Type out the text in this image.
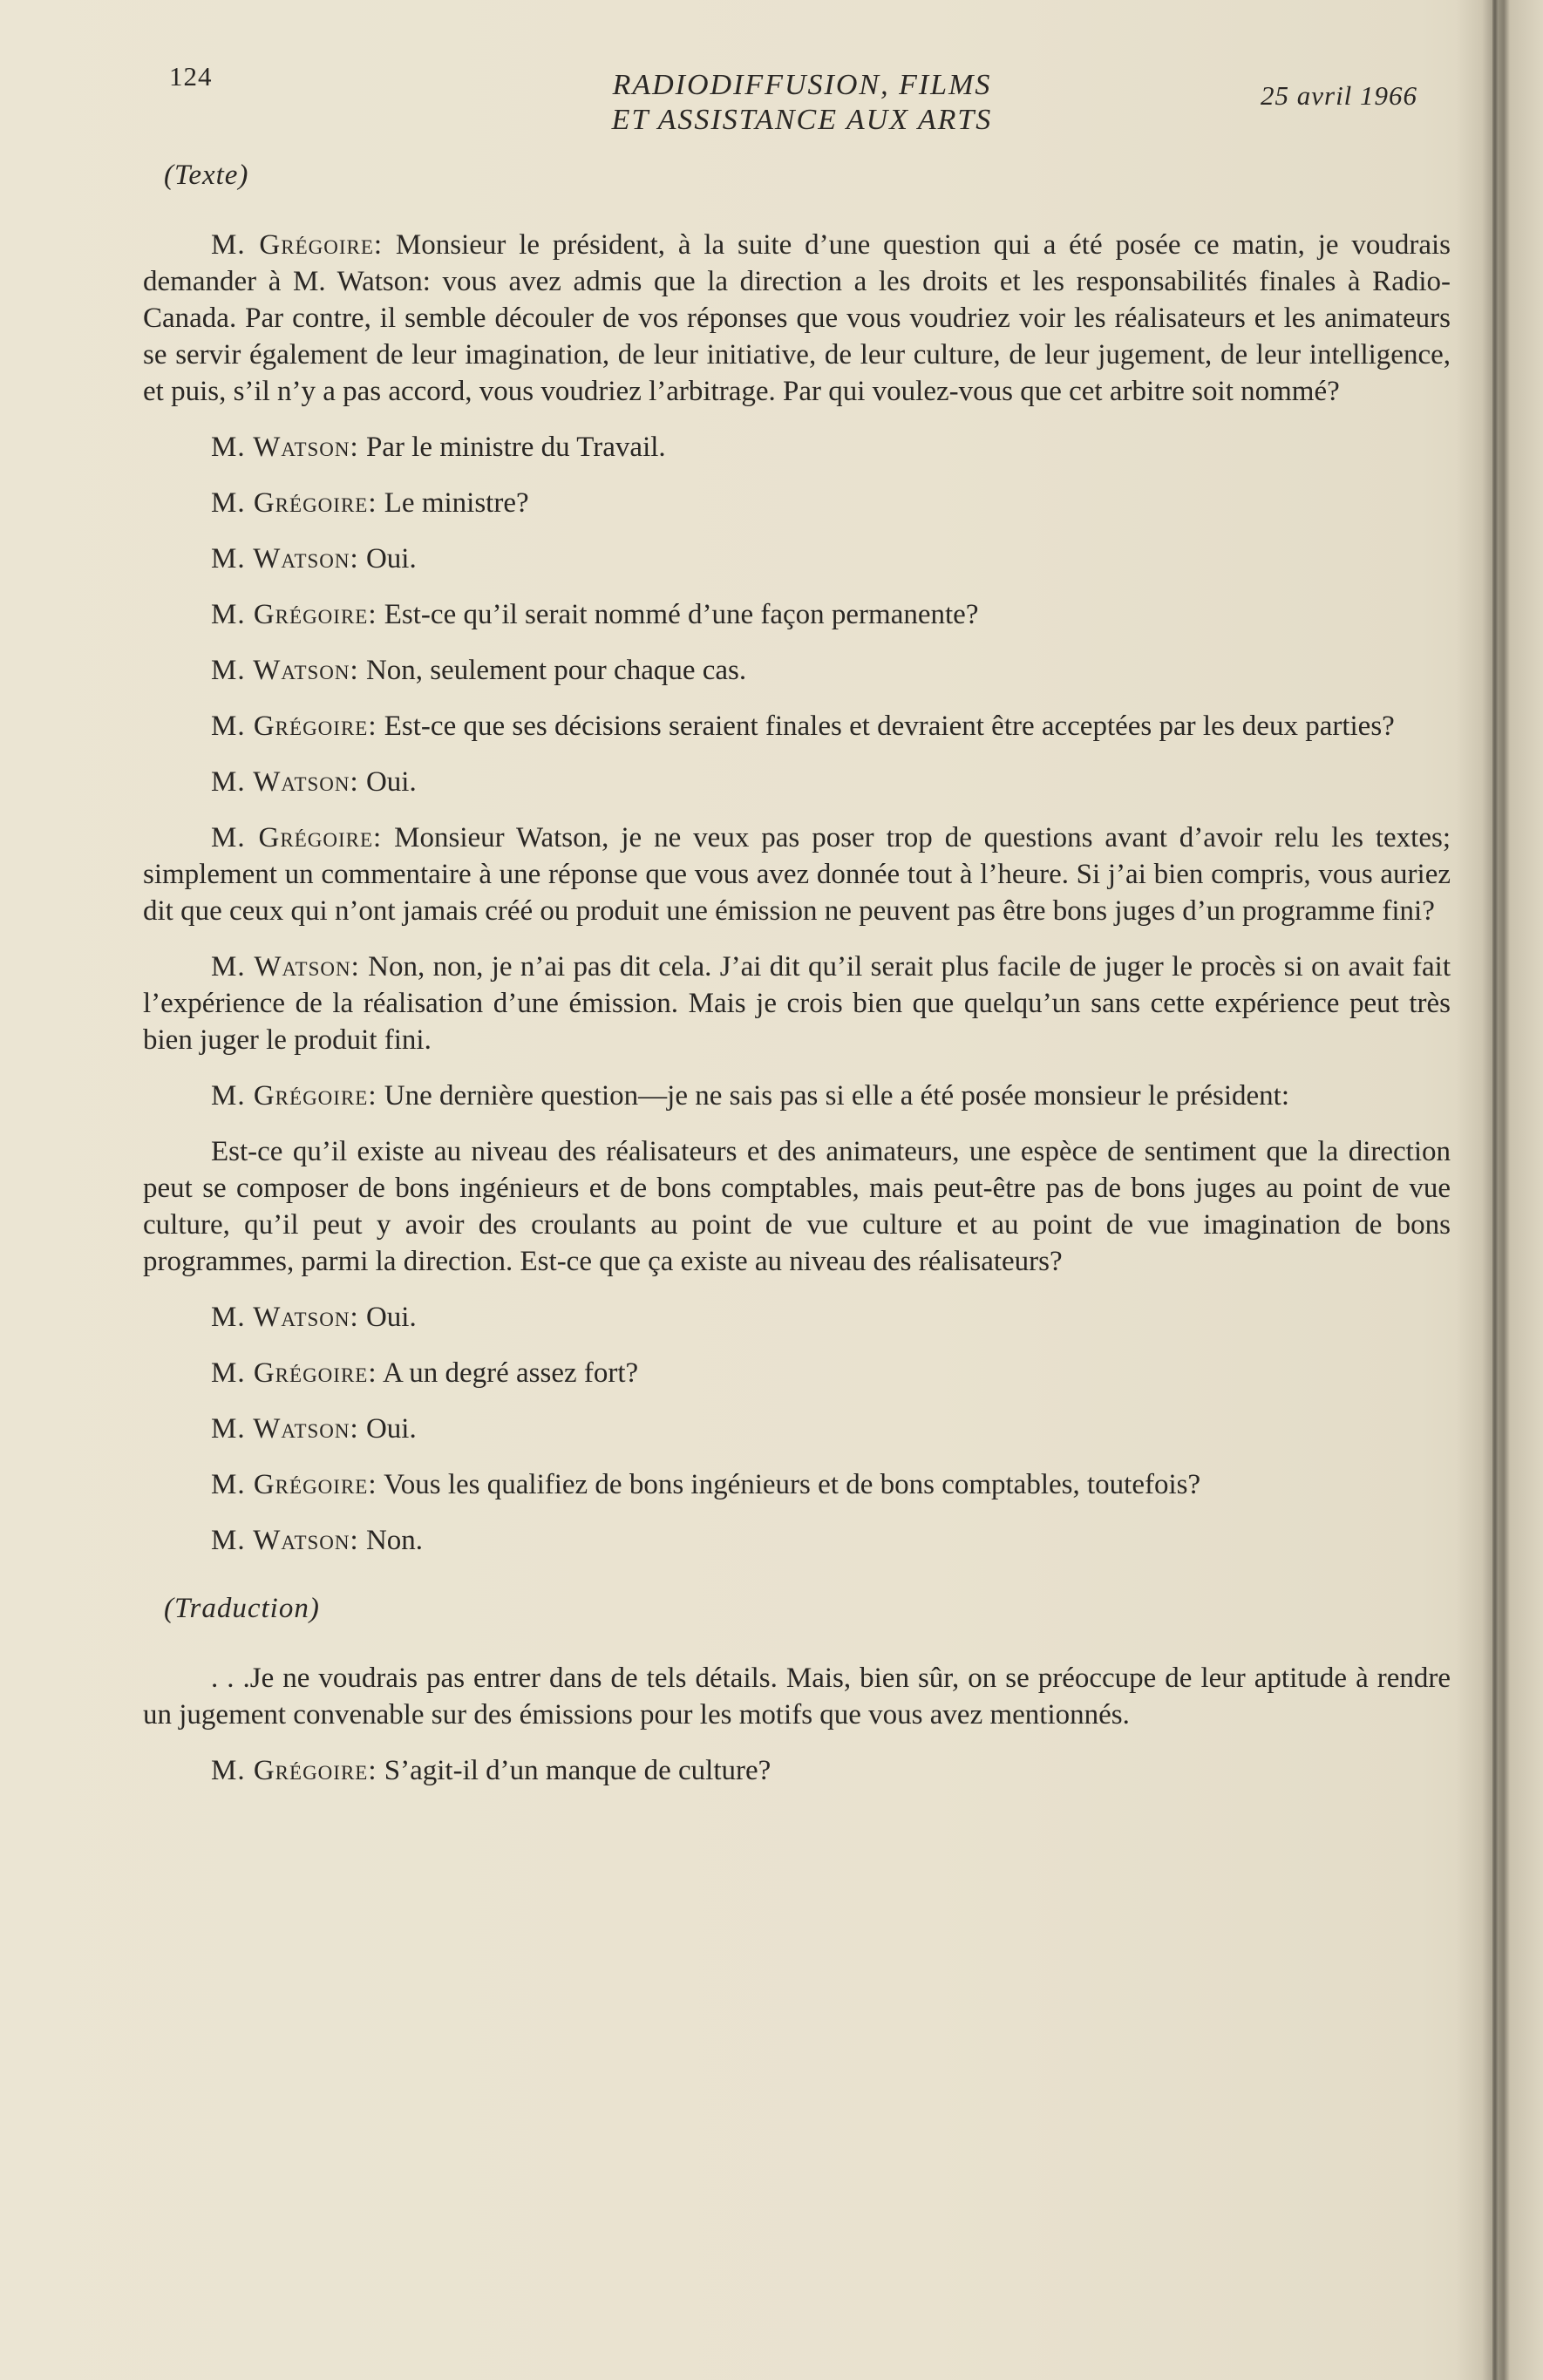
124	RADIODIFFUSION, FILMS
ET ASSISTANCE AUX ARTS
25 avril 1966
(Texte)

M. Grégoire: Monsieur le président, à la suite d’une question qui a été posée ce matin, je voudrais demander à M. Watson: vous avez admis que la direction a les droits et les responsabilités finales à Radio-Canada. Par contre, il semble découler de vos réponses que vous voudriez voir les réalisateurs et les animateurs se servir également de leur imagination, de leur initiative, de leur culture, de leur jugement, de leur intelligence, et puis, s’il n’y a pas accord, vous voudriez l’arbitrage. Par qui voulez-vous que cet arbitre soit nommé?

M. Watson: Par le ministre du Travail.

M. Grégoire: Le ministre?

M. Watson: Oui.

M. Grégoire: Est-ce qu’il serait nommé d’une façon permanente?

M. Watson: Non, seulement pour chaque cas.

M. Grégoire: Est-ce que ses décisions seraient finales et devraient être acceptées par les deux parties?

M. Watson: Oui.

M. Grégoire: Monsieur Watson, je ne veux pas poser trop de questions avant d’avoir relu les textes; simplement un commentaire à une réponse que vous avez donnée tout à l’heure. Si j’ai bien compris, vous auriez dit que ceux qui n’ont jamais créé ou produit une émission ne peuvent pas être bons juges d’un programme fini?

M. Watson: Non, non, je n’ai pas dit cela. J’ai dit qu’il serait plus facile de juger le procès si on avait fait l’expérience de la réalisation d’une émission. Mais je crois bien que quelqu’un sans cette expérience peut très bien juger le produit fini.

M. Grégoire: Une dernière question—je ne sais pas si elle a été posée monsieur le président:

Est-ce qu’il existe au niveau des réalisateurs et des animateurs, une espèce de sentiment que la direction peut se composer de bons ingénieurs et de bons comptables, mais peut-être pas de bons juges au point de vue culture, qu’il peut y avoir des croulants au point de vue culture et au point de vue imagination de bons programmes, parmi la direction. Est-ce que ça existe au niveau des réalisateurs?

M. Watson: Oui.

M. Grégoire: A un degré assez fort?

M. Watson: Oui.

M. Grégoire: Vous les qualifiez de bons ingénieurs et de bons comptables, toutefois?

M. Watson: Non.

(Traduction)

. . .Je ne voudrais pas entrer dans de tels détails. Mais, bien sûr, on se préoccupe de leur aptitude à rendre un jugement convenable sur des émissions pour les motifs que vous avez mentionnés.

M. Grégoire: S’agit-il d’un manque de culture?
